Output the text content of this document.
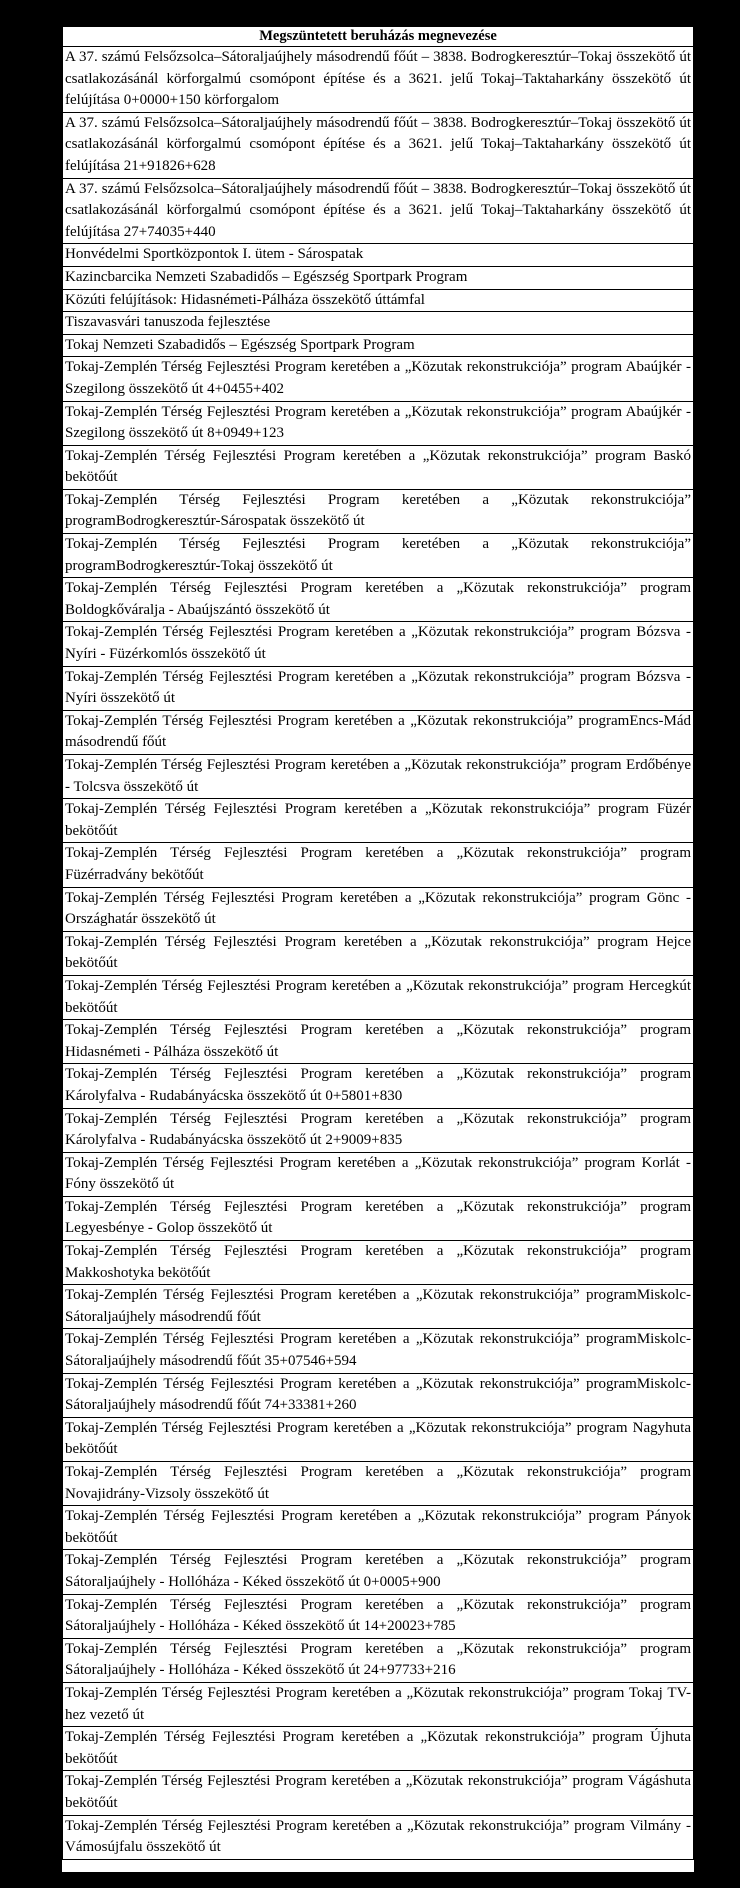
Megszüntetett beruházás megnevezése
A 37. számú Felsőzsolca–Sátoraljaújhely másodrendű főút – 3838. Bodrogkeresztúr–Tokaj összekötő út csatlakozásánál körforgalmú csomópont építése és a 3621. jelű Tokaj–Taktaharkány összekötő út felújítása 0+0000+150 körforgalom
A 37. számú Felsőzsolca–Sátoraljaújhely másodrendű főút – 3838. Bodrogkeresztúr–Tokaj összekötő út csatlakozásánál körforgalmú csomópont építése és a 3621. jelű Tokaj–Taktaharkány összekötő út felújítása 21+91826+628
A 37. számú Felsőzsolca–Sátoraljaújhely másodrendű főút – 3838. Bodrogkeresztúr–Tokaj összekötő út csatlakozásánál körforgalmú csomópont építése és a 3621. jelű Tokaj–Taktaharkány összekötő út felújítása 27+74035+440
Honvédelmi Sportközpontok I. ütem - Sárospatak
Kazincbarcika Nemzeti Szabadidős – Egészség Sportpark Program
Közúti felújítások: Hidasnémeti-Pálháza összekötő úttámfal
Tiszavasvári tanuszoda fejlesztése
Tokaj Nemzeti Szabadidős – Egészség Sportpark Program
Tokaj-Zemplén Térség Fejlesztési Program keretében a „Közutak rekonstrukciója” program Abaújkér - Szegilong összekötő út 4+0455+402
Tokaj-Zemplén Térség Fejlesztési Program keretében a „Közutak rekonstrukciója” program Abaújkér - Szegilong összekötő út 8+0949+123
Tokaj-Zemplén Térség Fejlesztési Program keretében a „Közutak rekonstrukciója” program Baskó bekötőút
Tokaj-Zemplén Térség Fejlesztési Program keretében a „Közutak rekonstrukciója” programBodrogkeresztúr-Sárospatak összekötő út
Tokaj-Zemplén Térség Fejlesztési Program keretében a „Közutak rekonstrukciója” programBodrogkeresztúr-Tokaj összekötő út
Tokaj-Zemplén Térség Fejlesztési Program keretében a „Közutak rekonstrukciója” program Boldogkőváralja - Abaújszántó összekötő út
Tokaj-Zemplén Térség Fejlesztési Program keretében a „Közutak rekonstrukciója” program Bózsva - Nyíri - Füzérkomlós összekötő út
Tokaj-Zemplén Térség Fejlesztési Program keretében a „Közutak rekonstrukciója” program Bózsva - Nyíri összekötő út
Tokaj-Zemplén Térség Fejlesztési Program keretében a „Közutak rekonstrukciója” programEncs-Mád másodrendű főút
Tokaj-Zemplén Térség Fejlesztési Program keretében a „Közutak rekonstrukciója” program Erdőbénye - Tolcsva összekötő út
Tokaj-Zemplén Térség Fejlesztési Program keretében a „Közutak rekonstrukciója” program Füzér bekötőút
Tokaj-Zemplén Térség Fejlesztési Program keretében a „Közutak rekonstrukciója” program Füzérradvány bekötőút
Tokaj-Zemplén Térség Fejlesztési Program keretében a „Közutak rekonstrukciója” program Gönc - Országhatár összekötő út
Tokaj-Zemplén Térség Fejlesztési Program keretében a „Közutak rekonstrukciója” program Hejce bekötőút
Tokaj-Zemplén Térség Fejlesztési Program keretében a „Közutak rekonstrukciója” program Hercegkút bekötőút
Tokaj-Zemplén Térség Fejlesztési Program keretében a „Közutak rekonstrukciója” program Hidasnémeti - Pálháza összekötő út
Tokaj-Zemplén Térség Fejlesztési Program keretében a „Közutak rekonstrukciója” program Károlyfalva - Rudabányácska összekötő út 0+5801+830
Tokaj-Zemplén Térség Fejlesztési Program keretében a „Közutak rekonstrukciója” program Károlyfalva - Rudabányácska összekötő út 2+9009+835
Tokaj-Zemplén Térség Fejlesztési Program keretében a „Közutak rekonstrukciója” program Korlát - Fóny összekötő út
Tokaj-Zemplén Térség Fejlesztési Program keretében a „Közutak rekonstrukciója” program Legyesbénye - Golop összekötő út
Tokaj-Zemplén Térség Fejlesztési Program keretében a „Közutak rekonstrukciója” program Makkoshotyka bekötőút
Tokaj-Zemplén Térség Fejlesztési Program keretében a „Közutak rekonstrukciója” programMiskolc-Sátoraljaújhely másodrendű főút
Tokaj-Zemplén Térség Fejlesztési Program keretében a „Közutak rekonstrukciója” programMiskolc-Sátoraljaújhely másodrendű főút 35+07546+594
Tokaj-Zemplén Térség Fejlesztési Program keretében a „Közutak rekonstrukciója” programMiskolc-Sátoraljaújhely másodrendű főút 74+33381+260
Tokaj-Zemplén Térség Fejlesztési Program keretében a „Közutak rekonstrukciója” program Nagyhuta bekötőút
Tokaj-Zemplén Térség Fejlesztési Program keretében a „Közutak rekonstrukciója” program Novajidrány-Vizsoly összekötő út
Tokaj-Zemplén Térség Fejlesztési Program keretében a „Közutak rekonstrukciója” program Pányok bekötőút
Tokaj-Zemplén Térség Fejlesztési Program keretében a „Közutak rekonstrukciója” program Sátoraljaújhely - Hollóháza - Kéked összekötő út 0+0005+900
Tokaj-Zemplén Térség Fejlesztési Program keretében a „Közutak rekonstrukciója” program Sátoraljaújhely - Hollóháza - Kéked összekötő út 14+20023+785
Tokaj-Zemplén Térség Fejlesztési Program keretében a „Közutak rekonstrukciója” program Sátoraljaújhely - Hollóháza - Kéked összekötő út 24+97733+216
Tokaj-Zemplén Térség Fejlesztési Program keretében a „Közutak rekonstrukciója” program Tokaj TV-hez vezető út
Tokaj-Zemplén Térség Fejlesztési Program keretében a „Közutak rekonstrukciója” program Újhuta bekötőút
Tokaj-Zemplén Térség Fejlesztési Program keretében a „Közutak rekonstrukciója” program Vágáshuta bekötőút
Tokaj-Zemplén Térség Fejlesztési Program keretében a „Közutak rekonstrukciója” program Vilmány - Vámosújfalu összekötő út
